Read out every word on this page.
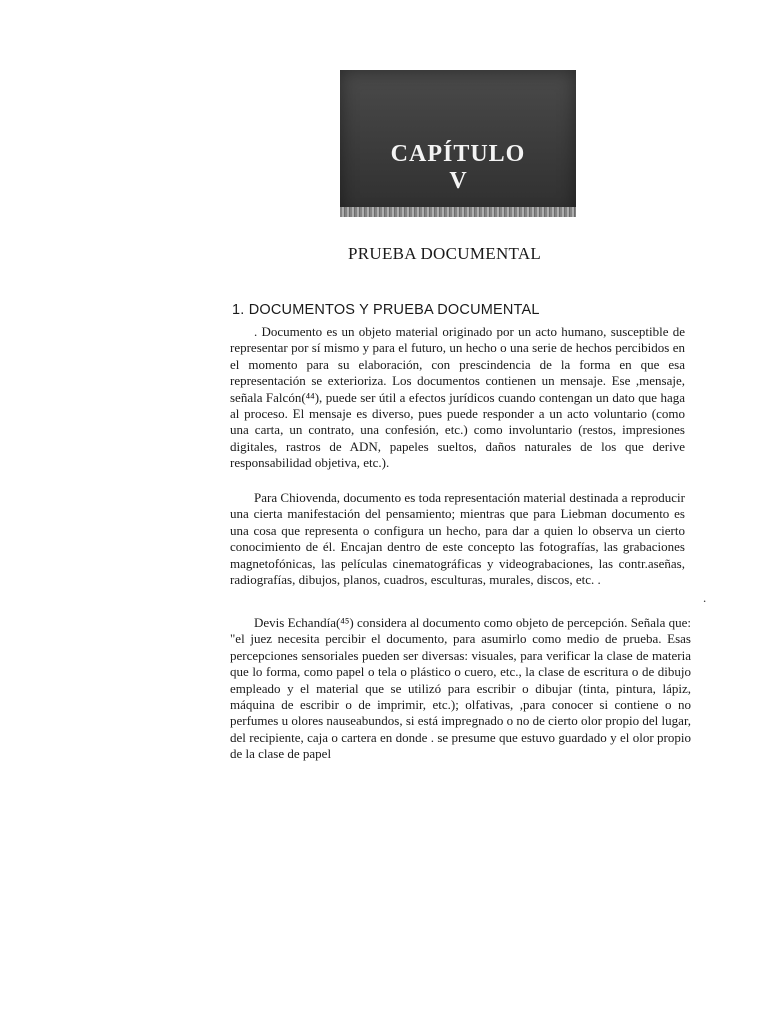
CAPÍTULO
V
PRUEBA DOCUMENTAL
1. DOCUMENTOS Y PRUEBA DOCUMENTAL

. Documento es un objeto material originado por un acto humano, susceptible de representar por sí mismo y para el futuro, un hecho o una serie de hechos percibidos en el momento para su elaboración, con prescindencia de la forma en que esa representación se exterioriza. Los documentos contienen un mensaje. Ese ,mensaje, señala Falcón(⁴⁴), puede ser útil a efectos jurídicos cuando contengan un dato que haga al proceso. El mensaje es diverso, pues puede responder a un acto voluntario (como una carta, un contrato, una confesión, etc.) como involuntario (restos, impresiones digitales, rastros de ADN, papeles sueltos, daños naturales de los que derive responsabilidad objetiva, etc.).

Para Chiovenda, documento es toda representación material destinada a reproducir una cierta manifestación del pensamiento; mientras que para Liebman documento es una cosa que representa o configura un hecho, para dar a quien lo observa un cierto conocimiento de él. Encajan dentro de este concepto las fotografías, las grabaciones magnetofónicas, las películas cinematográficas y videograbaciones, las contr.aseñas, radiografías, dibujos, planos, cuadros, esculturas, murales, discos, etc. .

.

Devis Echandía(⁴⁵) considera al documento como objeto de percepción. Señala que: "el juez necesita percibir el documento, para asumirlo como medio de prueba. Esas percepciones sensoriales pueden ser diversas: visuales, para verificar la clase de materia que lo forma, como papel o tela o plástico o cuero, etc., la clase de escritura o de dibujo empleado y el material que se utilizó para escribir o dibujar (tinta, pintura, lápiz, máquina de escribir o de imprimir, etc.); olfativas, ,para conocer si contiene o no perfumes u olores nauseabundos, si está impregnado o no de cierto olor propio del lugar, del recipiente, caja o cartera en donde . se presume que estuvo guardado y el olor propio de la clase de papel
